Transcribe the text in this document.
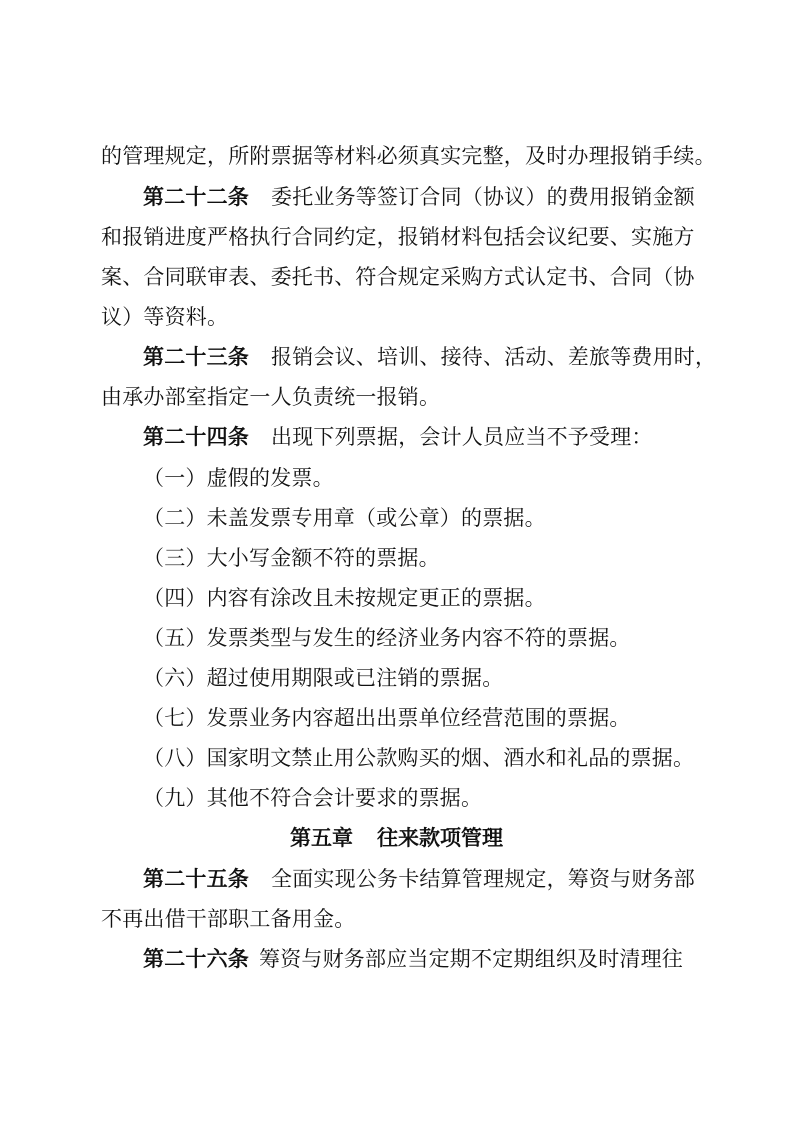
的管理规定，所附票据等材料必须真实完整，及时办理报销手续。
第二十二条 委托业务等签订合同（协议）的费用报销金额
和报销进度严格执行合同约定，报销材料包括会议纪要、实施方
案、合同联审表、委托书、符合规定采购方式认定书、合同（协
议）等资料。
第二十三条 报销会议、培训、接待、活动、差旅等费用时，
由承办部室指定一人负责统一报销。
第二十四条 出现下列票据，会计人员应当不予受理：
（一）虚假的发票。
（二）未盖发票专用章（或公章）的票据。
（三）大小写金额不符的票据。
（四）内容有涂改且未按规定更正的票据。
（五）发票类型与发生的经济业务内容不符的票据。
（六）超过使用期限或已注销的票据。
（七）发票业务内容超出出票单位经营范围的票据。
（八）国家明文禁止用公款购买的烟、酒水和礼品的票据。
（九）其他不符合会计要求的票据。
第五章 往来款项管理
第二十五条 全面实现公务卡结算管理规定，筹资与财务部
不再出借干部职工备用金。
第二十六条 筹资与财务部应当定期不定期组织及时清理往
